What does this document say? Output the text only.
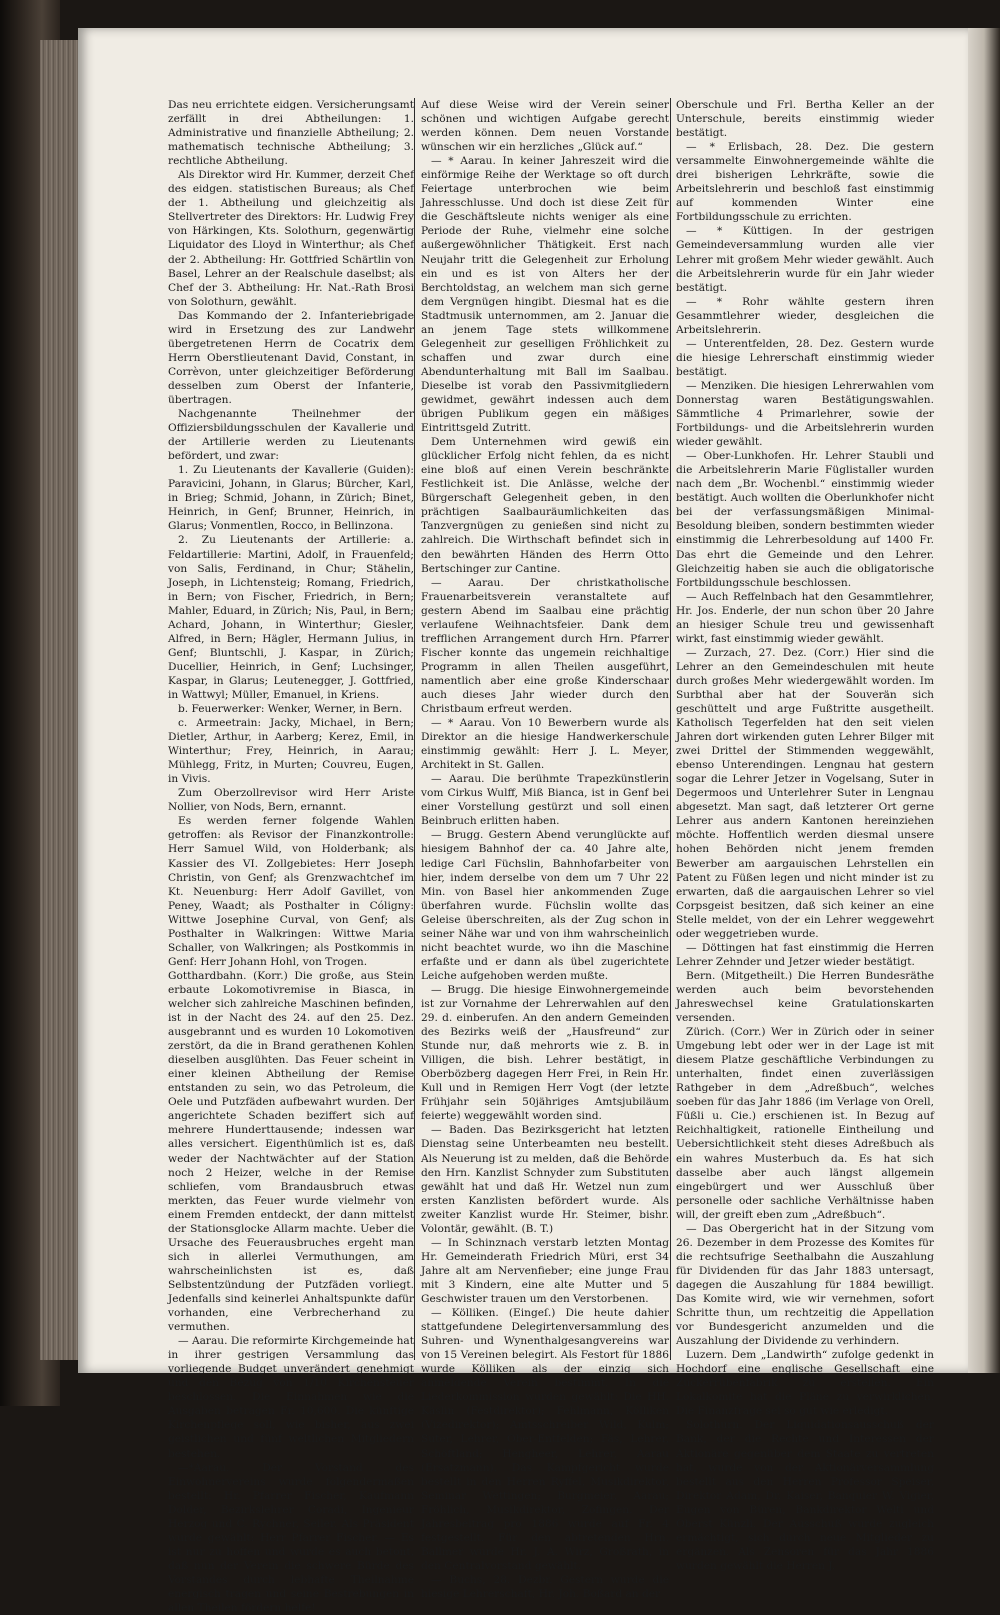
Das neu errichtete eidgen. Versicherungsamt zerfällt in drei Abtheilungen: 1. Administrative und finanzielle Abtheilung; 2. mathematisch technische Abtheilung; 3. rechtliche Abtheilung.

Als Direktor wird Hr. Kummer, derzeit Chef des eidgen. statistischen Bureaus; als Chef der 1. Abtheilung und gleichzeitig als Stellvertreter des Direktors: Hr. Ludwig Frey von Härkingen, Kts. Solothurn, gegenwärtig Liquidator des Lloyd in Winterthur; als Chef der 2. Abtheilung: Hr. Gottfried Schärtlin von Basel, Lehrer an der Realschule daselbst; als Chef der 3. Abtheilung: Hr. Nat.-Rath Brosi von Solothurn, gewählt.

Das Kommando der 2. Infanteriebrigade wird in Ersetzung des zur Landwehr übergetretenen Herrn de Cocatrix dem Herrn Oberstlieutenant David, Constant, in Corrèvon, unter gleichzeitiger Beförderung desselben zum Oberst der Infanterie, übertragen.

Nachgenannte Theilnehmer der Offiziersbildungsschulen der Kavallerie und der Artillerie werden zu Lieutenants befördert, und zwar:

1. Zu Lieutenants der Kavallerie (Guiden): Paravicini, Johann, in Glarus; Bürcher, Karl, in Brieg; Schmid, Johann, in Zürich; Binet, Heinrich, in Genf; Brunner, Heinrich, in Glarus; Vonmentlen, Rocco, in Bellinzona.

2. Zu Lieutenants der Artillerie: a. Feldartillerie: Martini, Adolf, in Frauenfeld; von Salis, Ferdinand, in Chur; Stähelin, Joseph, in Lichtensteig; Romang, Friedrich, in Bern; von Fischer, Friedrich, in Bern; Mahler, Eduard, in Zürich; Nis, Paul, in Bern; Achard, Johann, in Winterthur; Giesler, Alfred, in Bern; Hägler, Hermann Julius, in Genf; Bluntschli, J. Kaspar, in Zürich; Ducellier, Heinrich, in Genf; Luchsinger, Kaspar, in Glarus; Leutenegger, J. Gottfried, in Wattwyl; Müller, Emanuel, in Kriens.

b. Feuerwerker: Wenker, Werner, in Bern.

c. Armeetrain: Jacky, Michael, in Bern; Dietler, Arthur, in Aarberg; Kerez, Emil, in Winterthur; Frey, Heinrich, in Aarau; Mühlegg, Fritz, in Murten; Couvreu, Eugen, in Vivis.

Zum Oberzollrevisor wird Herr Ariste Nollier, von Nods, Bern, ernannt.

Es werden ferner folgende Wahlen getroffen: als Revisor der Finanzkontrolle: Herr Samuel Wild, von Holderbank; als Kassier des VI. Zollgebietes: Herr Joseph Christin, von Genf; als Grenzwachtchef im Kt. Neuenburg: Herr Adolf Gavillet, von Peney, Waadt; als Posthalter in Cóligny: Wittwe Josephine Curval, von Genf; als Posthalter in Walkringen: Wittwe Maria Schaller, von Walkringen; als Postkommis in Genf: Herr Johann Hohl, von Trogen.

Gotthardbahn. (Korr.) Die große, aus Stein erbaute Lokomotivremise in Biasca, in welcher sich zahlreiche Maschinen befinden, ist in der Nacht des 24. auf den 25. Dez. ausgebrannt und es wurden 10 Lokomotiven zerstört, da die in Brand gerathenen Kohlen dieselben ausglühten. Das Feuer scheint in einer kleinen Abtheilung der Remise entstanden zu sein, wo das Petroleum, die Oele und Putzfäden aufbewahrt wurden. Der angerichtete Schaden beziffert sich auf mehrere Hunderttausende; indessen war alles versichert. Eigenthümlich ist es, daß weder der Nachtwächter auf der Station noch 2 Heizer, welche in der Remise schliefen, vom Brandausbruch etwas merkten, das Feuer wurde vielmehr von einem Fremden entdeckt, der dann mittelst der Stationsglocke Allarm machte. Ueber die Ursache des Feuerausbruches ergeht man sich in allerlei Vermuthungen, am wahrscheinlichsten ist es, daß Selbstentzündung der Putzfäden vorliegt. Jedenfalls sind keinerlei Anhaltspunkte dafür vorhanden, eine Verbrecherhand zu vermuthen.

— Aarau. Die reformirte Kirchgemeinde hat in ihrer gestrigen Versammlung das vorliegende Budget unverändert genehmigt und den Bezug von 1/10 Kirchensteuer beschlossen. Die Einnahmen wie die Ausgaben betragen Fr. 10,600. Die künftige Kirchenpflege soll, wie bisher, aus zwei geistlichen und fünf weltlichen Mitgliedern bestehen.

—*Aarau. Der Vorstand des Einwohnervereins wurde folgendermaßen bestellt: Hr. Pfarrer Fischer, Kaufmann Dolder, Bezirkslehrer Coradi, Ingenieur Herzog und C. Rychner, Seiler. Als Präsident wurde gewählt: Herr Pfarrer Fischer. — Es ist nur zu hoffen und wurde es auch betont, daß nun der Verein die schwere Bürde des Vorstandes durch lebhafte Theilnahme energisch tragen und seine Bestrebungen in allen Theilen fördern helfe!

Auf diese Weise wird der Verein seiner schönen und wichtigen Aufgabe gerecht werden können. Dem neuen Vorstande wünschen wir ein herzliches „Glück auf.“

— * Aarau. In keiner Jahreszeit wird die einförmige Reihe der Werktage so oft durch Feiertage unterbrochen wie beim Jahresschlusse. Und doch ist diese Zeit für die Geschäftsleute nichts weniger als eine Periode der Ruhe, vielmehr eine solche außergewöhnlicher Thätigkeit. Erst nach Neujahr tritt die Gelegenheit zur Erholung ein und es ist von Alters her der Berchtoldstag, an welchem man sich gerne dem Vergnügen hingibt. Diesmal hat es die Stadtmusik unternommen, am 2. Januar die an jenem Tage stets willkommene Gelegenheit zur geselligen Fröhlichkeit zu schaffen und zwar durch eine Abendunterhaltung mit Ball im Saalbau. Dieselbe ist vorab den Passivmitgliedern gewidmet, gewährt indessen auch dem übrigen Publikum gegen ein mäßiges Eintrittsgeld Zutritt.

Dem Unternehmen wird gewiß ein glücklicher Erfolg nicht fehlen, da es nicht eine bloß auf einen Verein beschränkte Festlichkeit ist. Die Anlässe, welche der Bürgerschaft Gelegenheit geben, in den prächtigen Saalbauräumlichkeiten das Tanzvergnügen zu genießen sind nicht zu zahlreich. Die Wirthschaft befindet sich in den bewährten Händen des Herrn Otto Bertschinger zur Cantine.

— Aarau. Der christkatholische Frauenarbeitsverein veranstaltete auf gestern Abend im Saalbau eine prächtig verlaufene Weihnachtsfeier. Dank dem trefflichen Arrangement durch Hrn. Pfarrer Fischer konnte das ungemein reichhaltige Programm in allen Theilen ausgeführt, namentlich aber eine große Kinderschaar auch dieses Jahr wieder durch den Christbaum erfreut werden.

— * Aarau. Von 10 Bewerbern wurde als Direktor an die hiesige Handwerkerschule einstimmig gewählt: Herr J. L. Meyer, Architekt in St. Gallen.

— Aarau. Die berühmte Trapezkünstlerin vom Cirkus Wulff, Miß Bianca, ist in Genf bei einer Vorstellung gestürzt und soll einen Beinbruch erlitten haben.

— Brugg. Gestern Abend verunglückte auf hiesigem Bahnhof der ca. 40 Jahre alte, ledige Carl Füchslin, Bahnhofarbeiter von hier, indem derselbe von dem um 7 Uhr 22 Min. von Basel hier ankommenden Zuge überfahren wurde. Füchslin wollte das Geleise überschreiten, als der Zug schon in seiner Nähe war und von ihm wahrscheinlich nicht beachtet wurde, wo ihn die Maschine erfaßte und er dann als übel zugerichtete Leiche aufgehoben werden mußte.

— Brugg. Die hiesige Einwohnergemeinde ist zur Vornahme der Lehrerwahlen auf den 29. d. einberufen. An den andern Gemeinden des Bezirks weiß der „Hausfreund“ zur Stunde nur, daß mehrorts wie z. B. in Villigen, die bish. Lehrer bestätigt, in Oberbözberg dagegen Herr Frei, in Rein Hr. Kull und in Remigen Herr Vogt (der letzte Frühjahr sein 50jähriges Amtsjubiläum feierte) weggewählt worden sind.

— Baden. Das Bezirksgericht hat letzten Dienstag seine Unterbeamten neu bestellt. Als Neuerung ist zu melden, daß die Behörde den Hrn. Kanzlist Schnyder zum Substituten gewählt hat und daß Hr. Wetzel nun zum ersten Kanzlisten befördert wurde. Als zweiter Kanzlist wurde Hr. Steimer, bishr. Volontär, gewählt. (B. T.)

— In Schinznach verstarb letzten Montag Hr. Gemeinderath Friedrich Müri, erst 34 Jahre alt am Nervenfieber; eine junge Frau mit 3 Kindern, eine alte Mutter und 5 Geschwister trauen um den Verstorbenen.

— Kölliken. (Eingeſ.) Die heute dahier stattgefundene Delegirtenversammlung des Suhren- und Wynenthalgesangvereins war von 15 Vereinen belegirt. Als Festort für 1886 wurde Kölliken als der einzig sich anmeldende Verein bestimmt. In die Liederkommission wurden gewählt: Die HH. Käslin (Festdirektor); Fehlmann, Kölliken (Vizedirektor); Amtsschreiber Wild, Kulm; Suter, Lehrer, Ober-Entfelden; Fäs, Lehrer, Schöftland; Hengheer, Lehrer, Aarau (Ersatzmann). Das Kampfgericht wurde bestellt in den Herren Ryffel, Musikdirektor, Seminar Wettingen; Burgmeier, Aarau; Fröhlich, Musikdirektor, Zofingen. Der Jahresbeitrag pro 1886 wurde auf Fr. 4 festgestellt. Für den abtretenden Hrn. Ballmer wurde Hr. J. A. Wirz, Großrath, in den Centralvorstand gewählt.

— Buchs, 28. Dezbr. Gestern wurde die hiesige Lehrerschaft, Hr. Joh. Boßard an der

Oberschule und Frl. Bertha Keller an der Unterschule, bereits einstimmig wieder bestätigt.

— * Erlisbach, 28. Dez. Die gestern versammelte Einwohnergemeinde wählte die drei bisherigen Lehrkräfte, sowie die Arbeitslehrerin und beschloß fast einstimmig auf kommenden Winter eine Fortbildungsschule zu errichten.

— * Küttigen. In der gestrigen Gemeindeversammlung wurden alle vier Lehrer mit großem Mehr wieder gewählt. Auch die Arbeitslehrerin wurde für ein Jahr wieder bestätigt.

— * Rohr wählte gestern ihren Gesammtlehrer wieder, desgleichen die Arbeitslehrerin.

— Unterentfelden, 28. Dez. Gestern wurde die hiesige Lehrerschaft einstimmig wieder bestätigt.

— Menziken. Die hiesigen Lehrerwahlen vom Donnerstag waren Bestätigungswahlen. Sämmtliche 4 Primarlehrer, sowie der Fortbildungs- und die Arbeitslehrerin wurden wieder gewählt.

— Ober-Lunkhofen. Hr. Lehrer Staubli und die Arbeitslehrerin Marie Füglistaller wurden nach dem „Br. Wochenbl.“ einstimmig wieder bestätigt. Auch wollten die Oberlunkhofer nicht bei der verfassungsmäßigen Minimal-Besoldung bleiben, sondern bestimmten wieder einstimmig die Lehrerbesoldung auf 1400 Fr. Das ehrt die Gemeinde und den Lehrer. Gleichzeitig haben sie auch die obligatorische Fortbildungsschule beschlossen.

— Auch Reffelnbach hat den Gesammtlehrer, Hr. Jos. Enderle, der nun schon über 20 Jahre an hiesiger Schule treu und gewissenhaft wirkt, fast einstimmig wieder gewählt.

— Zurzach, 27. Dez. (Corr.) Hier sind die Lehrer an den Gemeindeschulen mit heute durch großes Mehr wiedergewählt worden. Im Surbthal aber hat der Souverän sich geschüttelt und arge Fußtritte ausgetheilt. Katholisch Tegerfelden hat den seit vielen Jahren dort wirkenden guten Lehrer Bilger mit zwei Drittel der Stimmenden weggewählt, ebenso Unterendingen. Lengnau hat gestern sogar die Lehrer Jetzer in Vogelsang, Suter in Degermoos und Unterlehrer Suter in Lengnau abgesetzt. Man sagt, daß letzterer Ort gerne Lehrer aus andern Kantonen hereinziehen möchte. Hoffentlich werden diesmal unsere hohen Behörden nicht jenem fremden Bewerber am aargauischen Lehrstellen ein Patent zu Füßen legen und nicht minder ist zu erwarten, daß die aargauischen Lehrer so viel Corpsgeist besitzen, daß sich keiner an eine Stelle meldet, von der ein Lehrer weggewehrt oder weggetrieben wurde.

— Döttingen hat fast einstimmig die Herren Lehrer Zehnder und Jetzer wieder bestätigt.

Bern. (Mitgetheilt.) Die Herren Bundesräthe werden auch beim bevorstehenden Jahreswechsel keine Gratulationskarten versenden.

Zürich. (Corr.) Wer in Zürich oder in seiner Umgebung lebt oder wer in der Lage ist mit diesem Platze geschäftliche Verbindungen zu unterhalten, findet einen zuverlässigen Rathgeber in dem „Adreßbuch“, welches soeben für das Jahr 1886 (im Verlage von Orell, Füßli u. Cie.) erschienen ist. In Bezug auf Reichhaltigkeit, rationelle Eintheilung und Uebersichtlichkeit steht dieses Adreßbuch als ein wahres Musterbuch da. Es hat sich dasselbe aber auch längst allgemein eingebürgert und wer Ausschluß über personelle oder sachliche Verhältnisse haben will, der greift eben zum „Adreßbuch“.

— Das Obergericht hat in der Sitzung vom 26. Dezember in dem Prozesse des Komites für die rechtsufrige Seethalbahn die Auszahlung für Dividenden für das Jahr 1883 untersagt, dagegen die Auszahlung für 1884 bewilligt. Das Komite wird, wie wir vernehmen, sofort Schritte thun, um rechtzeitig die Appellation vor Bundesgericht anzumelden und die Auszahlung der Dividende zu verhindern.

Luzern. Dem „Landwirth“ zufolge gedenkt in Hochdorf eine englische Gesellschaft eine Zuckerrübenfabrik zu erstellen. Ein Lokalkomite hat die Pläne zu verwirklichen. Die Finanzfrage sei so gut wie erledigt.

Solothurn. Der Liquidationsausschuß der Bank, der die Rechte und Interessen der Aktionäre gegenüber dem Staate zu vertreten hat, wurde von der Aktionärversammlung bestellt aus den Herren Professor Speiser, Direktor Adam, Dr. Kaiser, Banquier W. Vigier, Eugen von Büren, Bankdirektor Welti und Oberst Künzli. Der Ausschuß wurde zugleich ermächtigt, sich durch neue Mitglieder zu ergänzen. Als Zensoren für das Jahr 1886 wurden gewählt die Herren J.
